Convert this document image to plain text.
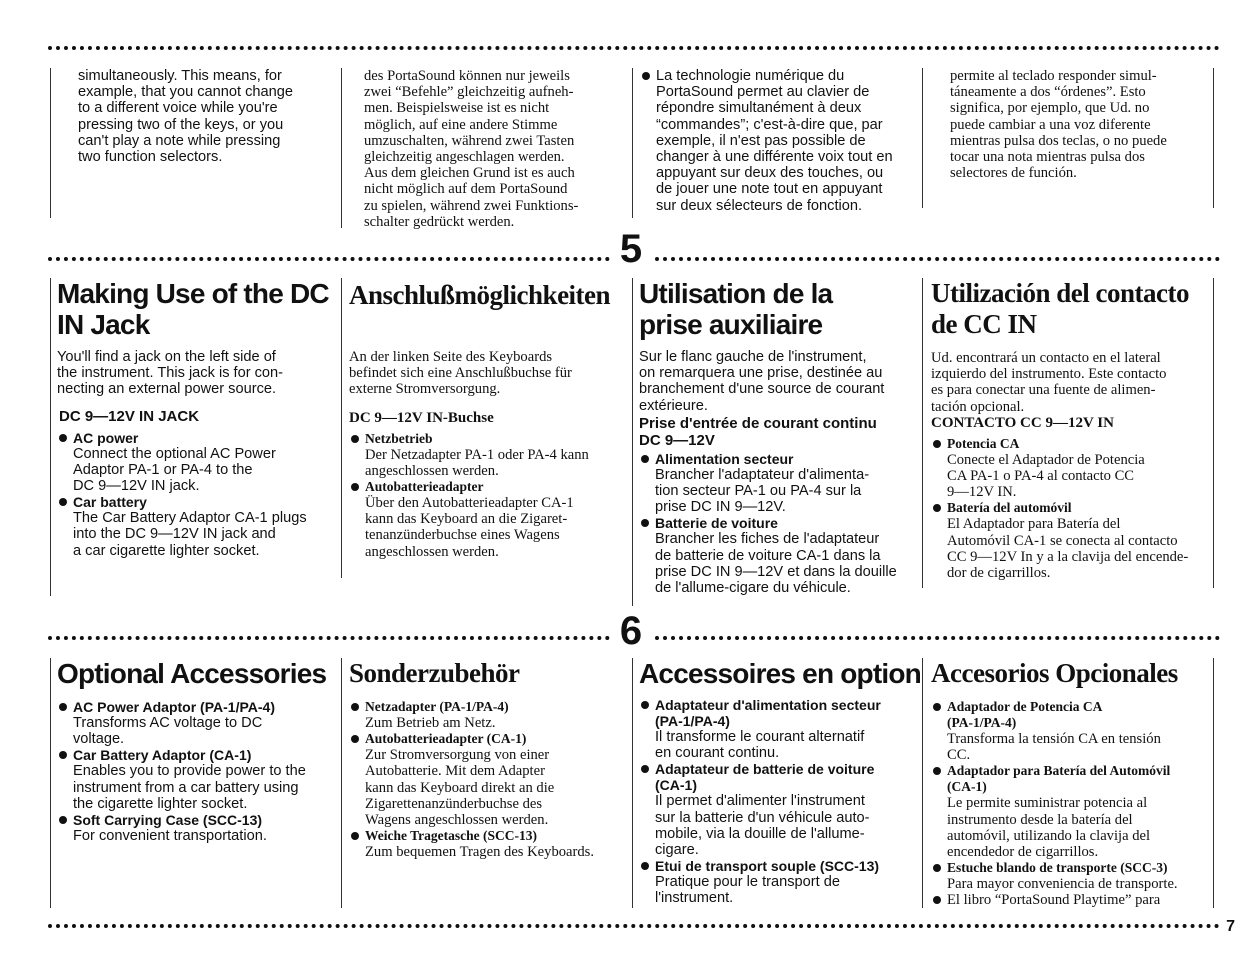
5
6
simultaneously. This means, for
example, that you cannot change
to a different voice while you're
pressing two of the keys, or you
can't play a note while pressing
two function selectors.
des PortaSound können nur jeweils
zwei “Befehle” gleichzeitig aufneh-
men. Beispielsweise ist es nicht
möglich, auf eine andere Stimme
umzuschalten, während zwei Tasten
gleichzeitig angeschlagen werden.
Aus dem gleichen Grund ist es auch
nicht möglich auf dem PortaSound
zu spielen, während zwei Funktions-
schalter gedrückt werden.
La technologie numérique du
PortaSound permet au clavier de
répondre simultanément à deux
“commandes”; c'est-à-dire que, par
exemple, il n'est pas possible de
changer à une différente voix tout en
appuyant sur deux des touches, ou
de jouer une note tout en appuyant
sur deux sélecteurs de fonction.
permite al teclado responder simul-
táneamente a dos “órdenes”. Esto
significa, por ejemplo, que Ud. no
puede cambiar a una voz diferente
mientras pulsa dos teclas, o no puede
tocar una nota mientras pulsa dos
selectores de función.
Making Use of the DC
IN Jack
You'll find a jack on the left side of
the instrument. This jack is for con-
necting an external power source.
DC 9—12V IN JACK
AC power
Connect the optional AC Power
Adaptor PA-1 or PA-4 to the
DC 9—12V IN jack.
Car battery
The Car Battery Adaptor CA-1 plugs
into the DC 9—12V IN jack and
a car cigarette lighter socket.
Anschlußmöglichkeiten
An der linken Seite des Keyboards
befindet sich eine Anschlußbuchse für
externe Stromversorgung.
DC 9—12V IN-Buchse
Netzbetrieb
Der Netzadapter PA-1 oder PA-4 kann
angeschlossen werden.
Autobatterieadapter
Über den Autobatterieadapter CA-1
kann das Keyboard an die Zigaret-
tenanzünderbuchse eines Wagens
angeschlossen werden.
Utilisation de la
prise auxiliaire
Sur le flanc gauche de l'instrument,
on remarquera une prise, destinée au
branchement d'une source de courant
extérieure.
Prise d'entrée de courant continu
DC 9—12V
Alimentation secteur
Brancher l'adaptateur d'alimenta-
tion secteur PA-1 ou PA-4 sur la
prise DC IN 9—12V.
Batterie de voiture
Brancher les fiches de l'adaptateur
de batterie de voiture CA-1 dans la
prise DC IN 9—12V et dans la douille
de l'allume-cigare du véhicule.
Utilización del contacto
de CC IN
Ud. encontrará un contacto en el lateral
izquierdo del instrumento. Este contacto
es para conectar una fuente de alimen-
tación opcional.
CONTACTO CC 9—12V IN
Potencia CA
Conecte el Adaptador de Potencia
CA PA-1 o PA-4 al contacto CC
9—12V IN.
Batería del automóvil
El Adaptador para Batería del
Automóvil CA-1 se conecta al contacto
CC 9—12V In y a la clavija del encende-
dor de cigarrillos.
Optional Accessories
AC Power Adaptor (PA-1/PA-4)
Transforms AC voltage to DC
voltage.
Car Battery Adaptor (CA-1)
Enables you to provide power to the
instrument from a car battery using
the cigarette lighter socket.
Soft Carrying Case (SCC-13)
For convenient transportation.
Sonderzubehör
Netzadapter (PA-1/PA-4)
Zum Betrieb am Netz.
Autobatterieadapter (CA-1)
Zur Stromversorgung von einer
Autobatterie. Mit dem Adapter
kann das Keyboard direkt an die
Zigarettenanzünderbuchse des
Wagens angeschlossen werden.
Weiche Tragetasche (SCC-13)
Zum bequemen Tragen des Keyboards.
Accessoires en option
Adaptateur d'alimentation secteur
(PA-1/PA-4)
Il transforme le courant alternatif
en courant continu.
Adaptateur de batterie de voiture
(CA-1)
Il permet d'alimenter l'instrument
sur la batterie d'un véhicule auto-
mobile, via la douille de l'allume-
cigare.
Etui de transport souple (SCC-13)
Pratique pour le transport de
l'instrument.
Accesorios Opcionales
Adaptador de Potencia CA
(PA-1/PA-4)
Transforma la tensión CA en tensión
CC.
Adaptador para Batería del Automóvil
(CA-1)
Le permite suministrar potencia al
instrumento desde la batería del
automóvil, utilizando la clavija del
encendedor de cigarrillos.
Estuche blando de transporte (SCC-3)
Para mayor conveniencia de transporte.
El libro “PortaSound Playtime” para
7
